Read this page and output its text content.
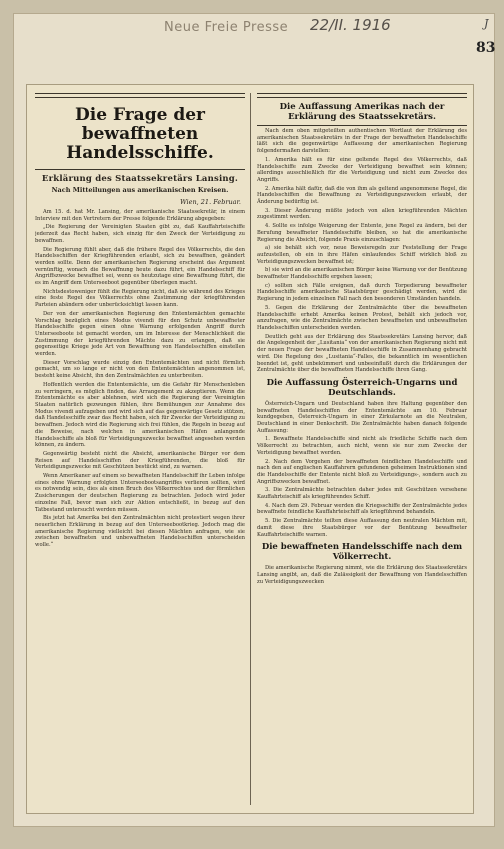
Neue Freie Presse 22/II. 1916	J
83
Die Frage der bewaffneten Handelsschiffe.
Erklärung des Staatssekretärs Lansing.
Nach Mitteilungen aus amerikanischen Kreisen.
Wien, 21. Februar.

Am 15. d. hat Mr. Lansing, der amerikanische Staatssekretär, in einem Interview mit den Vertretern der Presse folgende Erklärung abgegeben:

„Die Regierung der Vereinigten Staaten gibt zu, daß Kauffahrteischiffe jederzeit das Recht haben, sich einzig für den Zweck der Verteidigung zu bewaffnen.

Die Regierung fühlt aber, daß die frühere Regel des Völkerrechts, die den Handelsschiffen der Kriegführenden erlaubt, sich zu bewaffnen, geändert werden sollte. Denn der amerikanischen Regierung erscheint das Argument vernünftig, wonach die Bewaffnung heute dazu führt, ein Handelsschiff für Angriffszwecke bewaffnet sei, wenn es heutzutage eine Bewaffnung führt, die es im Angriff dem Unterseeboot gegenüber überlegen macht.

Nichtsdestoweniger fühlt die Regierung nicht, daß sie während des Krieges eine feste Regel des Völkerrechts ohne Zustimmung der kriegführenden Parteien abändern oder unberücksichtigt lassen kann.

Der von der amerikanischen Regierung den Ententemächten gemachte Vorschlag bezüglich eines Modus vivendi für den Schutz unbewaffneter Handelsschiffe gegen einen ohne Warnung erfolgenden Angriff durch Unterseeboote ist gemacht worden, um im Interesse der Menschlichkeit die Zustimmung der kriegführenden Mächte dazu zu erlangen, daß sie gegenseitige Kriege jede Art von Bewaffnung von Handelsschiffen einstellen werden.

Dieser Vorschlag wurde einzig den Ententemächten und nicht förmlich gemacht, um so lange er nicht von den Ententemächten angenommen ist, besteht keine Absicht, ihn den Zentralmächten zu unterbreiten.

Hoffentlich werden die Ententemächte, um die Gefahr für Menschenleben zu verringern, es möglich finden, das Arrangement zu akzeptieren. Wenn die Ententemächte es aber ablehnen, wird sich die Regierung der Vereinigten Staaten natürlich gezwungen fühlen, ihre Bemühungen zur Annahme des Modus vivendi aufzugeben und wird sich auf das gegenwärtige Gesetz stützen, daß Handelsschiffe zwar das Recht haben, sich für Zwecke der Verteidigung zu bewaffnen. Jedoch wird die Regierung sich frei fühlen, die Regeln in bezug auf die Beweise, nach welchen in amerikanischen Häfen anlangende Handelsschiffe als bloß für Verteidigungszwecke bewaffnet angesehen werden können, zu ändern.

Gegenwärtig besteht nicht die Absicht, amerikanische Bürger vor dem Reisen auf Handelsschiffen der Kriegführenden, die bloß für Verteidigungszwecke mit Geschützen bestückt sind, zu warnen.

Wenn Amerikaner auf einem so bewaffneten Handelsschiff ihr Leben infolge eines ohne Warnung erfolgten Unterseebootsangriffes verlieren sollten, wird es notwendig sein, dies als einen Bruch des Völkerrechtes und der förmlichen Zusicherungen der deutschen Regierung zu betrachten. Jedoch wird jeder einzelne Fall, bevor man sich zur Aktion entschließt, in bezug auf den Tatbestand untersucht werden müssen.

Bis jetzt hat Amerika bei den Zentralmächten nicht protestiert wegen ihrer neuerlichen Erklärung in bezug auf den Unterseebootkrieg. Jedoch mag die amerikanische Regierung vielleicht bei diesen Mächten anfragen, wie sie zwischen bewaffneten und unbewaffneten Handelsschiffen unterscheiden wolle.“

Die Auffassung Amerikas nach der Erklärung des Staatssekretärs.

Nach dem oben mitgeteilten authentischen Wortlaut der Erklärung des amerikanischen Staatssekretärs in der Frage der bewaffneten Handelsschiffe läßt sich die gegenwärtige Auffassung der amerikanischen Regierung folgendermaßen darstellen:

1. Amerika hält es für eine geltende Regel des Völkerrechts, daß Handelsschiffe zum Zwecke der Verteidigung bewaffnet sein können; allerdings ausschließlich für die Verteidigung und nicht zum Zwecke des Angriffs.

2. Amerika hält dafür, daß die von ihm als geltend angenommene Regel, die Handelsschiffen die Bewaffnung zu Verteidigungszwecken erlaubt, der Änderung bedürftig ist.

3. Dieser Änderung müßte jedoch von allen kriegführenden Mächten zugestimmt werden.

4. Sollte es infolge Weigerung der Entente, jene Regel zu ändern, bei der Berufung bewaffneter Handelsschiffe bleiben, so hat die amerikanische Regierung die Absicht, folgende Praxis einzuschlagen:

a) sie behält sich vor, neue Beweisregeln zur Feststellung der Frage aufzustellen, ob ein in ihre Häfen einlaufendes Schiff wirklich bloß zu Verteidigungszwecken bewaffnet ist;

b) sie wird an die amerikanischen Bürger keine Warnung vor der Benützung bewaffneter Handelsschiffe ergehen lassen;

c) sollten sich Fälle ereignen, daß durch Torpedierung bewaffneter Handelsschiffe amerikanische Staatsbürger geschädigt werden, wird die Regierung in jedem einzelnen Fall nach den besonderen Umständen handeln.

5. Gegen die Erklärung der Zentralmächte über die bewaffneten Handelsschiffe erhebt Amerika keinen Protest, behält sich jedoch vor, anzufragen, wie die Zentralmächte zwischen bewaffneten und unbewaffneten Handelsschiffen unterscheiden werden.

Deutlich geht aus der Erklärung des Staatssekretärs Lansing hervor, daß die Angelegenheit der „Lusitania“ von der amerikanischen Regierung nicht mit der neuen Frage der bewaffneten Handelsschiffe in Zusammenhang gebracht wird. Die Regelung des „Lusitania“-Falles, die bekanntlich im wesentlichen beendet ist, geht unbekümmert und unbeeinflußt durch die Erklärungen der Zentralmächte über die bewaffneten Handelsschiffe ihren Gang.

Die Auffassung Österreich-Ungarns und Deutschlands.

Österreich-Ungarn und Deutschland haben ihre Haltung gegenüber den bewaffneten Handelsschiffen der Ententemächte am 10. Februar kundgegeben, Österreich-Ungarn in einer Zirkularnote an die Neutralen, Deutschland in einer Denkschrift. Die Zentralmächte haben danach folgende Auffassung:

1. Bewaffnete Handelsschiffe sind nicht als friedliche Schiffe nach dem Völkerrecht zu betrachten, auch nicht, wenn sie nur zum Zwecke der Verteidigung bewaffnet werden.

2. Nach dem Vorgehen der bewaffneten feindlichen Handelsschiffe und nach den auf englischen Kauffahrern gefundenen geheimen Instruktionen sind die Handelsschiffe der Entente nicht bloß zu Verteidigungs-, sondern auch zu Angriffszwecken bewaffnet.

3. Die Zentralmächte betrachten daher jedes mit Geschützen versehene Kauffahrteischiff als kriegführendes Schiff.

4. Nach dem 29. Februar werden die Kriegsschiffe der Zentralmächte jedes bewaffnete feindliche Kauffahrteischiff als kriegführend behandeln.

5. Die Zentralmächte teilten diese Auffassung den neutralen Mächten mit, damit diese ihre Staatsbürger vor der Benützung bewaffneter Kauffahrteischiffe warnen.

Die bewaffneten Handelsschiffe nach dem Völkerrecht.

Die amerikanische Regierung nimmt, wie die Erklärung des Staatssekretärs Lansing angibt, an, daß die Zulässigkeit der Bewaffnung von Handelsschiffen zu Verteidigungszwecken
